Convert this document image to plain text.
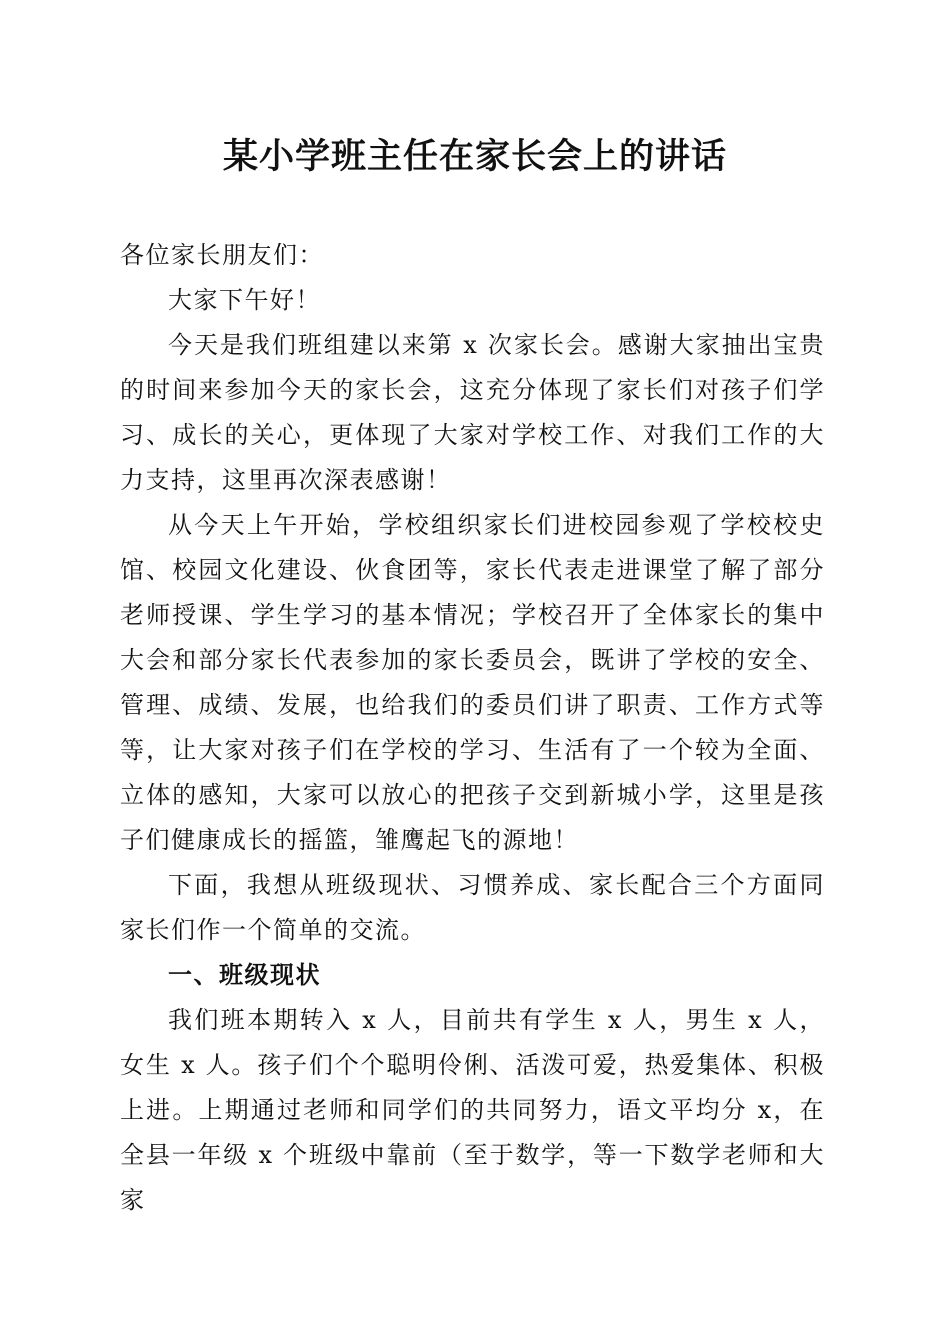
某小学班主任在家长会上的讲话

各位家长朋友们：

大家下午好！

今天是我们班组建以来第 x 次家长会。感谢大家抽出宝贵的时间来参加今天的家长会，这充分体现了家长们对孩子们学习、成长的关心，更体现了大家对学校工作、对我们工作的大力支持，这里再次深表感谢！

从今天上午开始，学校组织家长们进校园参观了学校校史馆、校园文化建设、伙食团等，家长代表走进课堂了解了部分老师授课、学生学习的基本情况；学校召开了全体家长的集中大会和部分家长代表参加的家长委员会，既讲了学校的安全、管理、成绩、发展，也给我们的委员们讲了职责、工作方式等等，让大家对孩子们在学校的学习、生活有了一个较为全面、立体的感知，大家可以放心的把孩子交到新城小学，这里是孩子们健康成长的摇篮，雏鹰起飞的源地！

下面，我想从班级现状、习惯养成、家长配合三个方面同家长们作一个简单的交流。

一、班级现状

我们班本期转入 x 人，目前共有学生 x 人，男生 x 人，女生 x 人。孩子们个个聪明伶俐、活泼可爱，热爱集体、积极上进。上期通过老师和同学们的共同努力，语文平均分 x，在全县一年级 x 个班级中靠前（至于数学，等一下数学老师和大家
